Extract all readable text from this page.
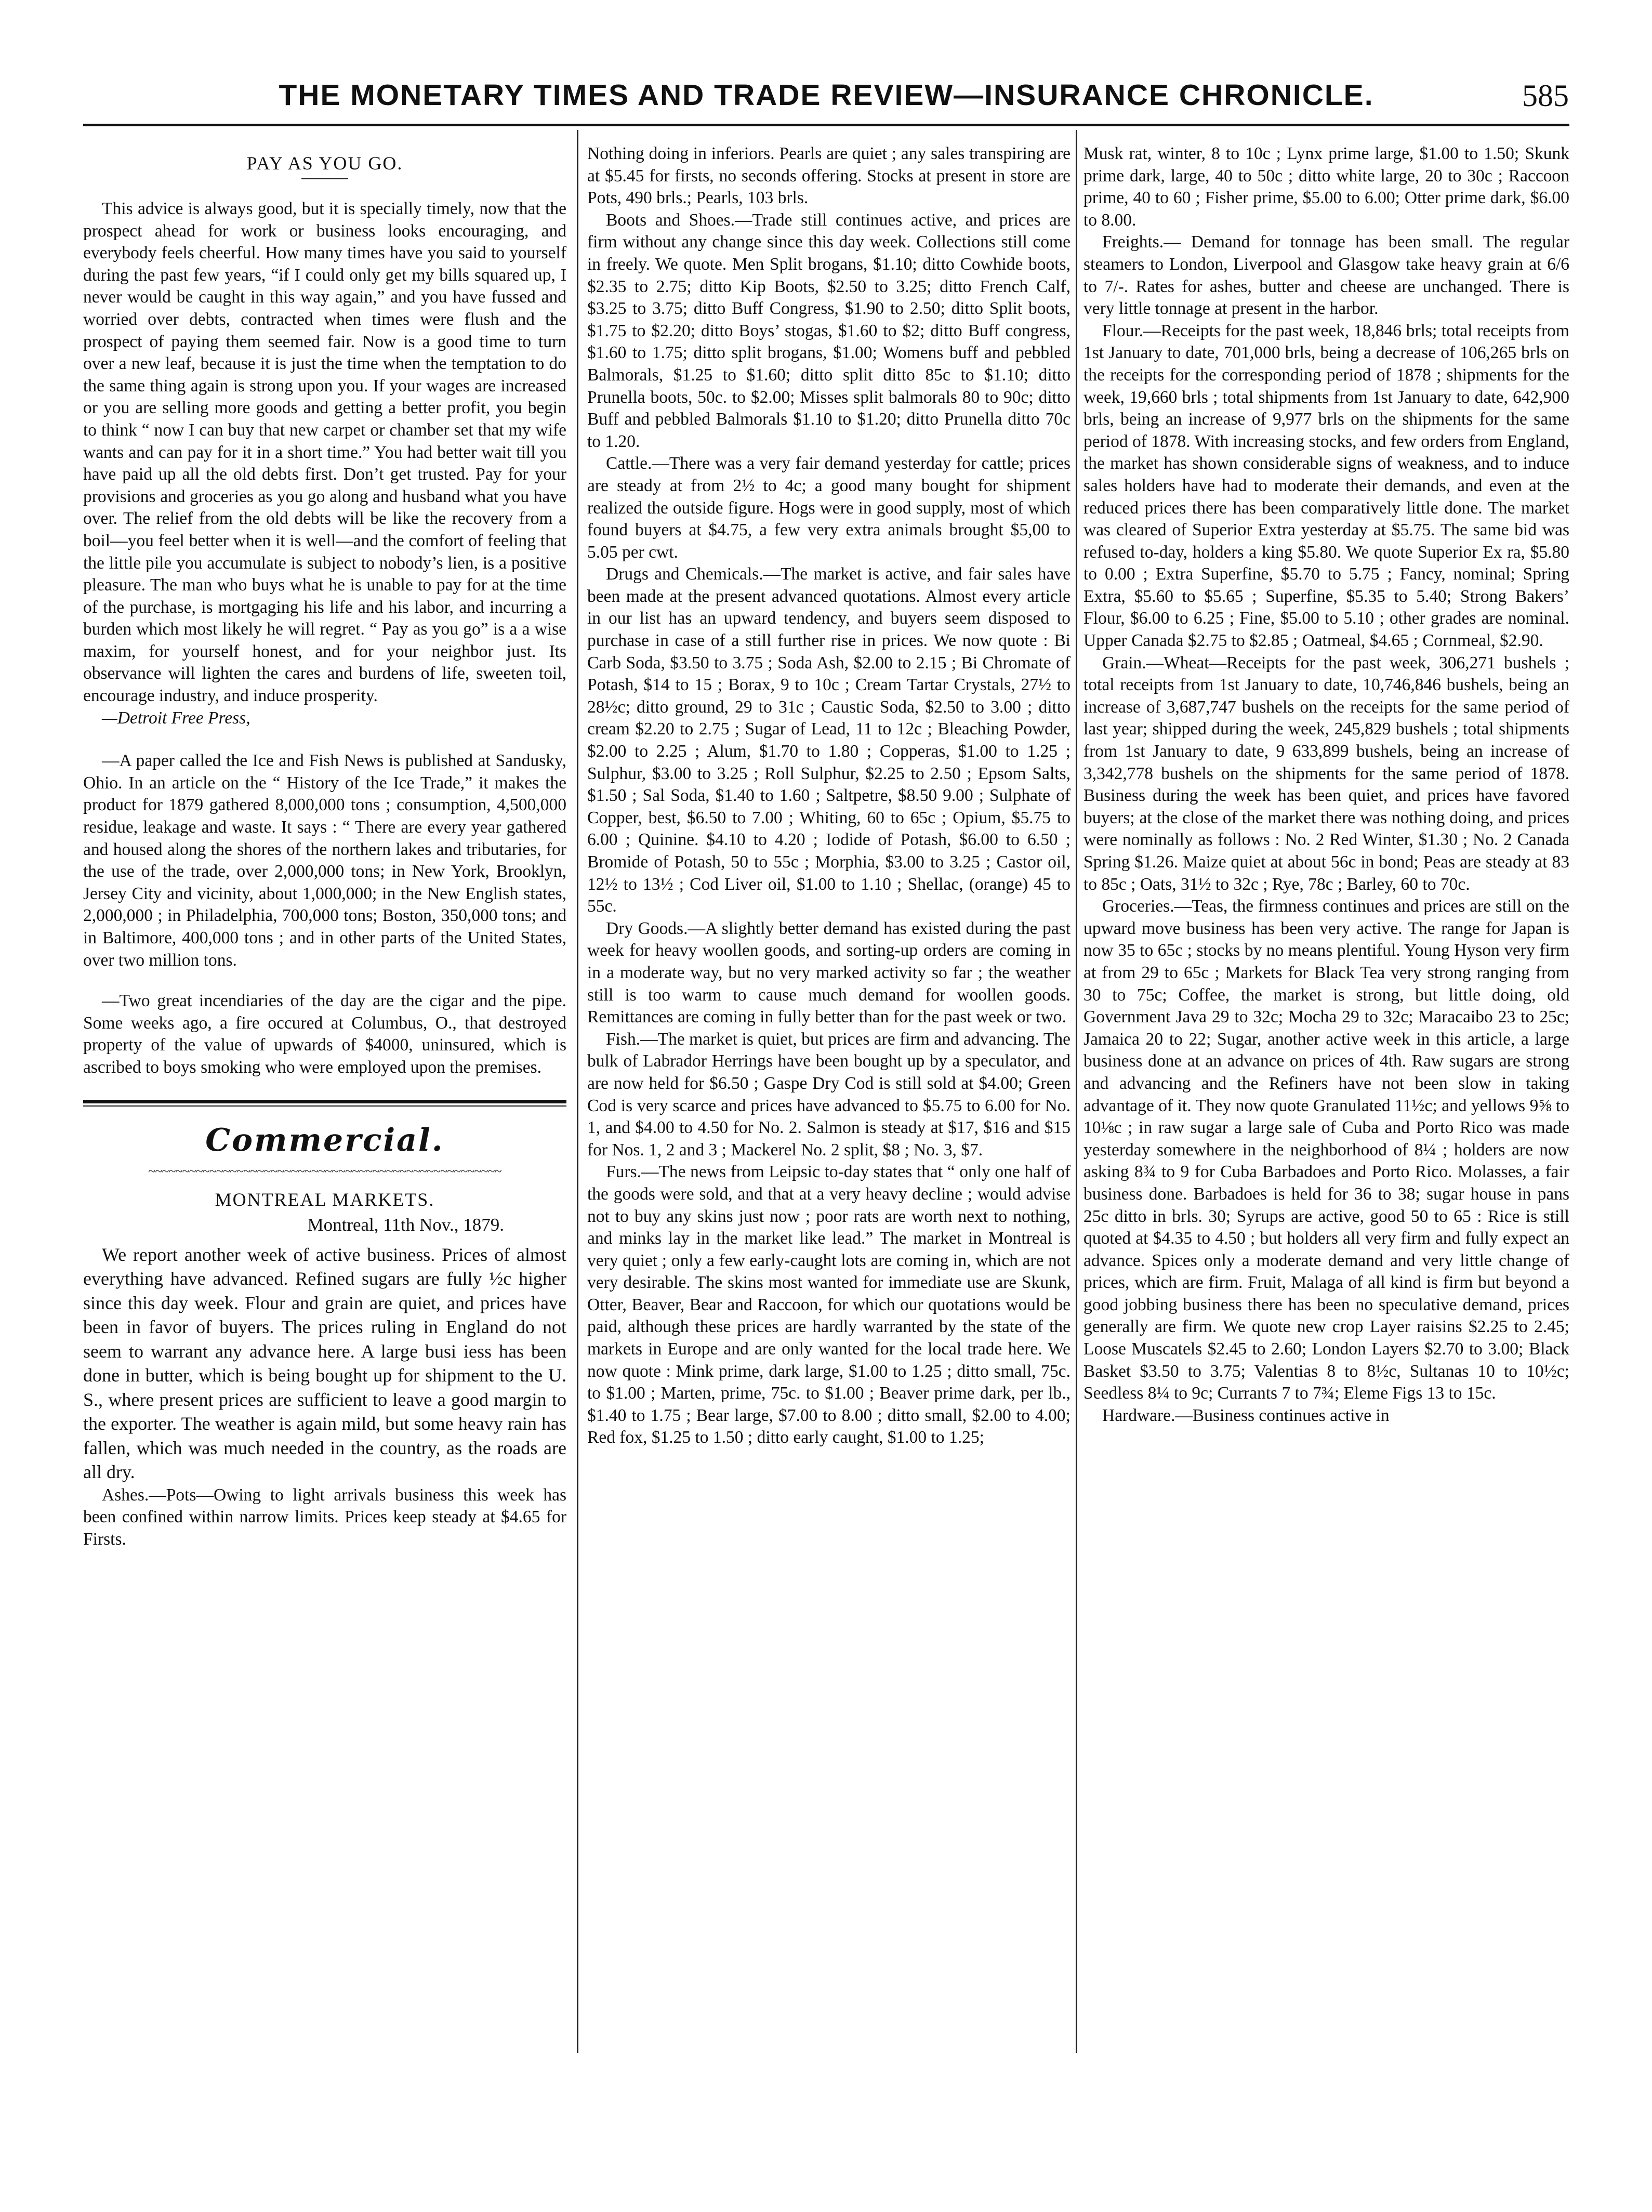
THE MONETARY TIMES AND TRADE REVIEW—INSURANCE CHRONICLE.	585
PAY AS YOU GO.

This advice is always good, but it is specially timely, now that the prospect ahead for work or business looks encouraging, and everybody feels cheerful. How many times have you said to yourself during the past few years, “if I could only get my bills squared up, I never would be caught in this way again,” and you have fussed and worried over debts, contracted when times were flush and the prospect of paying them seemed fair. Now is a good time to turn over a new leaf, because it is just the time when the temptation to do the same thing again is strong upon you. If your wages are increased or you are selling more goods and getting a better profit, you begin to think “ now I can buy that new carpet or chamber set that my wife wants and can pay for it in a short time.” You had better wait till you have paid up all the old debts first. Don’t get trusted. Pay for your provisions and groceries as you go along and husband what you have over. The relief from the old debts will be like the recovery from a boil—you feel better when it is well—and the comfort of feeling that the little pile you accumulate is subject to nobody’s lien, is a positive pleasure. The man who buys what he is unable to pay for at the time of the purchase, is mortgaging his life and his labor, and incurring a burden which most likely he will regret. “ Pay as you go” is a a wise maxim, for yourself honest, and for your neighbor just. Its observance will lighten the cares and burdens of life, sweeten toil, encourage industry, and induce prosperity.

—Detroit Free Press,

—A paper called the Ice and Fish News is published at Sandusky, Ohio. In an article on the “ History of the Ice Trade,” it makes the product for 1879 gathered 8,000,000 tons ; consumption, 4,500,000 residue, leakage and waste. It says : “ There are every year gathered and housed along the shores of the northern lakes and tributaries, for the use of the trade, over 2,000,000 tons; in New York, Brooklyn, Jersey City and vicinity, about 1,000,000; in the New English states, 2,000,000 ; in Philadelphia, 700,000 tons; Boston, 350,000 tons; and in Baltimore, 400,000 tons ; and in other parts of the United States, over two million tons.

—Two great incendiaries of the day are the cigar and the pipe. Some weeks ago, a fire occured at Columbus, O., that destroyed property of the value of upwards of $4000, uninsured, which is ascribed to boys smoking who were employed upon the premises.

Commercial.
~~~~~~~~~~~~~~~~~~~~~~~~~~~~~~~~~~~~~~~~~~~~~~~~~~~~
MONTREAL MARKETS.
Montreal, 11th Nov., 1879.

We report another week of active business. Prices of almost everything have advanced. Refined sugars are fully ½c higher since this day week. Flour and grain are quiet, and prices have been in favor of buyers. The prices ruling in England do not seem to warrant any advance here. A large busi iess has been done in butter, which is being bought up for shipment to the U. S., where present prices are sufficient to leave a good margin to the exporter. The weather is again mild, but some heavy rain has fallen, which was much needed in the country, as the roads are all dry.

Ashes.—Pots—Owing to light arrivals business this week has been confined within narrow limits. Prices keep steady at $4.65 for Firsts.

Nothing doing in inferiors. Pearls are quiet ; any sales transpiring are at $5.45 for firsts, no seconds offering. Stocks at present in store are Pots, 490 brls.; Pearls, 103 brls.

Boots and Shoes.—Trade still continues active, and prices are firm without any change since this day week. Collections still come in freely. We quote. Men Split brogans, $1.10; ditto Cowhide boots, $2.35 to 2.75; ditto Kip Boots, $2.50 to 3.25; ditto French Calf, $3.25 to 3.75; ditto Buff Congress, $1.90 to 2.50; ditto Split boots, $1.75 to $2.20; ditto Boys’ stogas, $1.60 to $2; ditto Buff congress, $1.60 to 1.75; ditto split brogans, $1.00; Womens buff and pebbled Balmorals, $1.25 to $1.60; ditto split ditto 85c to $1.10; ditto Prunella boots, 50c. to $2.00; Misses split balmorals 80 to 90c; ditto Buff and pebbled Balmorals $1.10 to $1.20; ditto Prunella ditto 70c to 1.20.

Cattle.—There was a very fair demand yesterday for cattle; prices are steady at from 2½ to 4c; a good many bought for shipment realized the outside figure. Hogs were in good supply, most of which found buyers at $4.75, a few very extra animals brought $5,00 to 5.05 per cwt.

Drugs and Chemicals.—The market is active, and fair sales have been made at the present advanced quotations. Almost every article in our list has an upward tendency, and buyers seem disposed to purchase in case of a still further rise in prices. We now quote : Bi Carb Soda, $3.50 to 3.75 ; Soda Ash, $2.00 to 2.15 ; Bi Chromate of Potash, $14 to 15 ; Borax, 9 to 10c ; Cream Tartar Crystals, 27½ to 28½c; ditto ground, 29 to 31c ; Caustic Soda, $2.50 to 3.00 ; ditto cream $2.20 to 2.75 ; Sugar of Lead, 11 to 12c ; Bleaching Powder, $2.00 to 2.25 ; Alum, $1.70 to 1.80 ; Copperas, $1.00 to 1.25 ; Sulphur, $3.00 to 3.25 ; Roll Sulphur, $2.25 to 2.50 ; Epsom Salts, $1.50 ; Sal Soda, $1.40 to 1.60 ; Saltpetre, $8.50 9.00 ; Sulphate of Copper, best, $6.50 to 7.00 ; Whiting, 60 to 65c ; Opium, $5.75 to 6.00 ; Quinine. $4.10 to 4.20 ; Iodide of Potash, $6.00 to 6.50 ; Bromide of Potash, 50 to 55c ; Morphia, $3.00 to 3.25 ; Castor oil, 12½ to 13½ ; Cod Liver oil, $1.00 to 1.10 ; Shellac, (orange) 45 to 55c.

Dry Goods.—A slightly better demand has existed during the past week for heavy woollen goods, and sorting-up orders are coming in in a moderate way, but no very marked activity so far ; the weather still is too warm to cause much demand for woollen goods. Remittances are coming in fully better than for the past week or two.

Fish.—The market is quiet, but prices are firm and advancing. The bulk of Labrador Herrings have been bought up by a speculator, and are now held for $6.50 ; Gaspe Dry Cod is still sold at $4.00; Green Cod is very scarce and prices have advanced to $5.75 to 6.00 for No. 1, and $4.00 to 4.50 for No. 2. Salmon is steady at $17, $16 and $15 for Nos. 1, 2 and 3 ; Mackerel No. 2 split, $8 ; No. 3, $7.

Furs.—The news from Leipsic to-day states that “ only one half of the goods were sold, and that at a very heavy decline ; would advise not to buy any skins just now ; poor rats are worth next to nothing, and minks lay in the market like lead.” The market in Montreal is very quiet ; only a few early-caught lots are coming in, which are not very desirable. The skins most wanted for immediate use are Skunk, Otter, Beaver, Bear and Raccoon, for which our quotations would be paid, although these prices are hardly warranted by the state of the markets in Europe and are only wanted for the local trade here. We now quote : Mink prime, dark large, $1.00 to 1.25 ; ditto small, 75c. to $1.00 ; Marten, prime, 75c. to $1.00 ; Beaver prime dark, per lb., $1.40 to 1.75 ; Bear large, $7.00 to 8.00 ; ditto small, $2.00 to 4.00; Red fox, $1.25 to 1.50 ; ditto early caught, $1.00 to 1.25;

Musk rat, winter, 8 to 10c ; Lynx prime large, $1.00 to 1.50; Skunk prime dark, large, 40 to 50c ; ditto white large, 20 to 30c ; Raccoon prime, 40 to 60 ; Fisher prime, $5.00 to 6.00; Otter prime dark, $6.00 to 8.00.

Freights.— Demand for tonnage has been small. The regular steamers to London, Liverpool and Glasgow take heavy grain at 6/6 to 7/-. Rates for ashes, butter and cheese are unchanged. There is very little tonnage at present in the harbor.

Flour.—Receipts for the past week, 18,846 brls; total receipts from 1st January to date, 701,000 brls, being a decrease of 106,265 brls on the receipts for the corresponding period of 1878 ; shipments for the week, 19,660 brls ; total shipments from 1st January to date, 642,900 brls, being an increase of 9,977 brls on the shipments for the same period of 1878. With increasing stocks, and few orders from England, the market has shown considerable signs of weakness, and to induce sales holders have had to moderate their demands, and even at the reduced prices there has been comparatively little done. The market was cleared of Superior Extra yesterday at $5.75. The same bid was refused to-day, holders a king $5.80. We quote Superior Ex ra, $5.80 to 0.00 ; Extra Superfine, $5.70 to 5.75 ; Fancy, nominal; Spring Extra, $5.60 to $5.65 ; Superfine, $5.35 to 5.40; Strong Bakers’ Flour, $6.00 to 6.25 ; Fine, $5.00 to 5.10 ; other grades are nominal. Upper Canada $2.75 to $2.85 ; Oatmeal, $4.65 ; Cornmeal, $2.90.

Grain.—Wheat—Receipts for the past week, 306,271 bushels ; total receipts from 1st January to date, 10,746,846 bushels, being an increase of 3,687,747 bushels on the receipts for the same period of last year; shipped during the week, 245,829 bushels ; total shipments from 1st January to date, 9 633,899 bushels, being an increase of 3,342,778 bushels on the shipments for the same period of 1878. Business during the week has been quiet, and prices have favored buyers; at the close of the market there was nothing doing, and prices were nominally as follows : No. 2 Red Winter, $1.30 ; No. 2 Canada Spring $1.26. Maize quiet at about 56c in bond; Peas are steady at 83 to 85c ; Oats, 31½ to 32c ; Rye, 78c ; Barley, 60 to 70c.

Groceries.—Teas, the firmness continues and prices are still on the upward move business has been very active. The range for Japan is now 35 to 65c ; stocks by no means plentiful. Young Hyson very firm at from 29 to 65c ; Markets for Black Tea very strong ranging from 30 to 75c; Coffee, the market is strong, but little doing, old Government Java 29 to 32c; Mocha 29 to 32c; Maracaibo 23 to 25c; Jamaica 20 to 22; Sugar, another active week in this article, a large business done at an advance on prices of 4th. Raw sugars are strong and advancing and the Refiners have not been slow in taking advantage of it. They now quote Granulated 11½c; and yellows 9⅝ to 10⅛c ; in raw sugar a large sale of Cuba and Porto Rico was made yesterday somewhere in the neighborhood of 8¼ ; holders are now asking 8¾ to 9 for Cuba Barbadoes and Porto Rico. Molasses, a fair business done. Barbadoes is held for 36 to 38; sugar house in pans 25c ditto in brls. 30; Syrups are active, good 50 to 65 : Rice is still quoted at $4.35 to 4.50 ; but holders all very firm and fully expect an advance. Spices only a moderate demand and very little change of prices, which are firm. Fruit, Malaga of all kind is firm but beyond a good jobbing business there has been no speculative demand, prices generally are firm. We quote new crop Layer raisins $2.25 to 2.45; Loose Muscatels $2.45 to 2.60; London Layers $2.70 to 3.00; Black Basket $3.50 to 3.75; Valentias 8 to 8½c, Sultanas 10 to 10½c; Seedless 8¼ to 9c; Currants 7 to 7¾; Eleme Figs 13 to 15c.

Hardware.—Business continues active in
